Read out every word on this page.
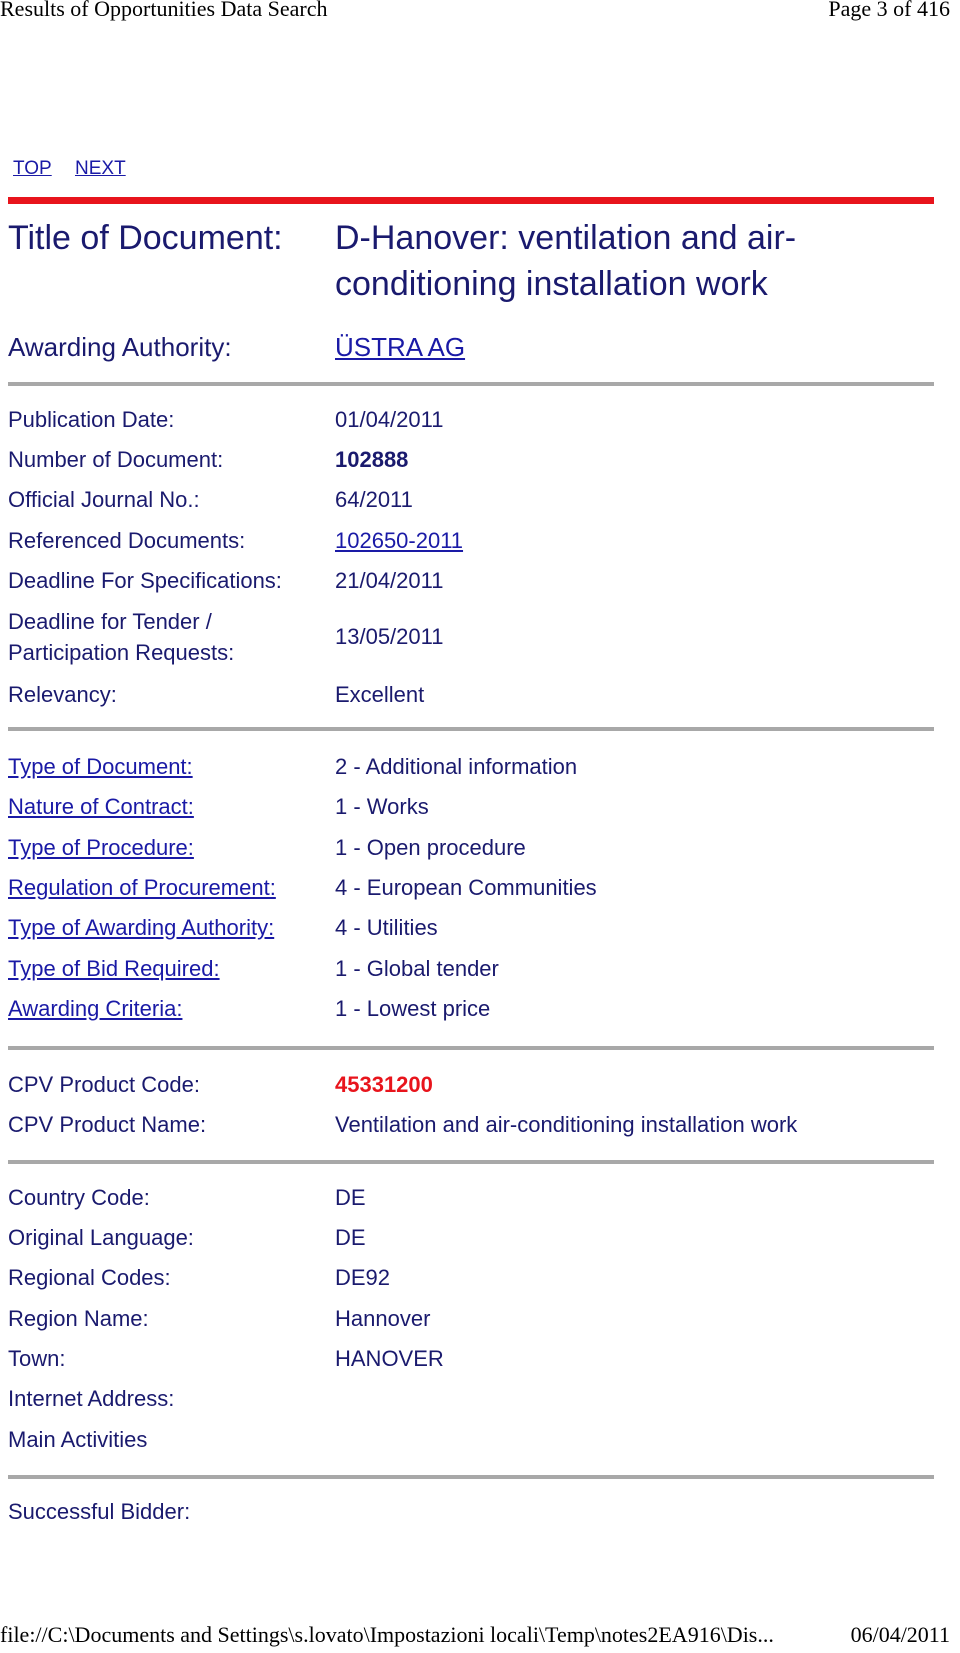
Results of Opportunities Data Search	Page 3 of 416
TOP NEXT
Title of Document: D-Hanover: ventilation and air-
conditioning installation work
Awarding Authority:	ÜSTRA AG
Publication Date:	01/04/2011
Number of Document:	102888
Official Journal No.:	64/2011
Referenced Documents:	102650-2011
Deadline For Specifications: 21/04/2011
Deadline for Tender /
Participation Requests:
13/05/2011
Relevancy:	Excellent
Type of Document:	2 - Additional information
Nature of Contract:	1 - Works
Type of Procedure:	1 - Open procedure
Regulation of Procurement:	4 - European Communities
Type of Awarding Authority:	4 - Utilities
Type of Bid Required:	1 - Global tender
Awarding Criteria:	1 - Lowest price
CPV Product Code:	45331200
CPV Product Name:	Ventilation and air-conditioning installation work
Country Code:	DE
Original Language:	DE
Regional Codes:	DE92
Region Name:	Hannover
Town:	HANOVER
Internet Address:
Main Activities
Successful Bidder:
file://C:\Documents and Settings\s.lovato\Impostazioni locali\Temp\notes2EA916\Dis...	06/04/2011
